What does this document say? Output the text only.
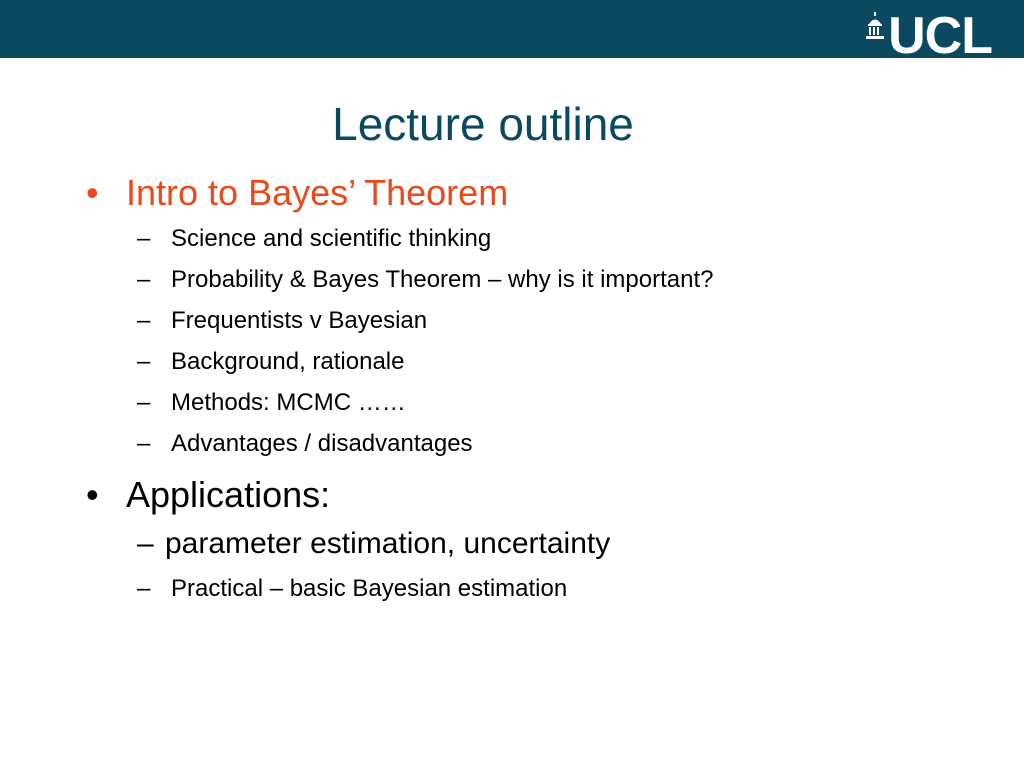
UCL
Lecture outline
• Intro to Bayes’ Theorem
– Science and scientific thinking
– Probability & Bayes Theorem – why is it important?
– Frequentists v Bayesian
– Background, rationale
– Methods: MCMC ……
– Advantages / disadvantages
• Applications:
– parameter estimation, uncertainty
– Practical – basic Bayesian estimation
